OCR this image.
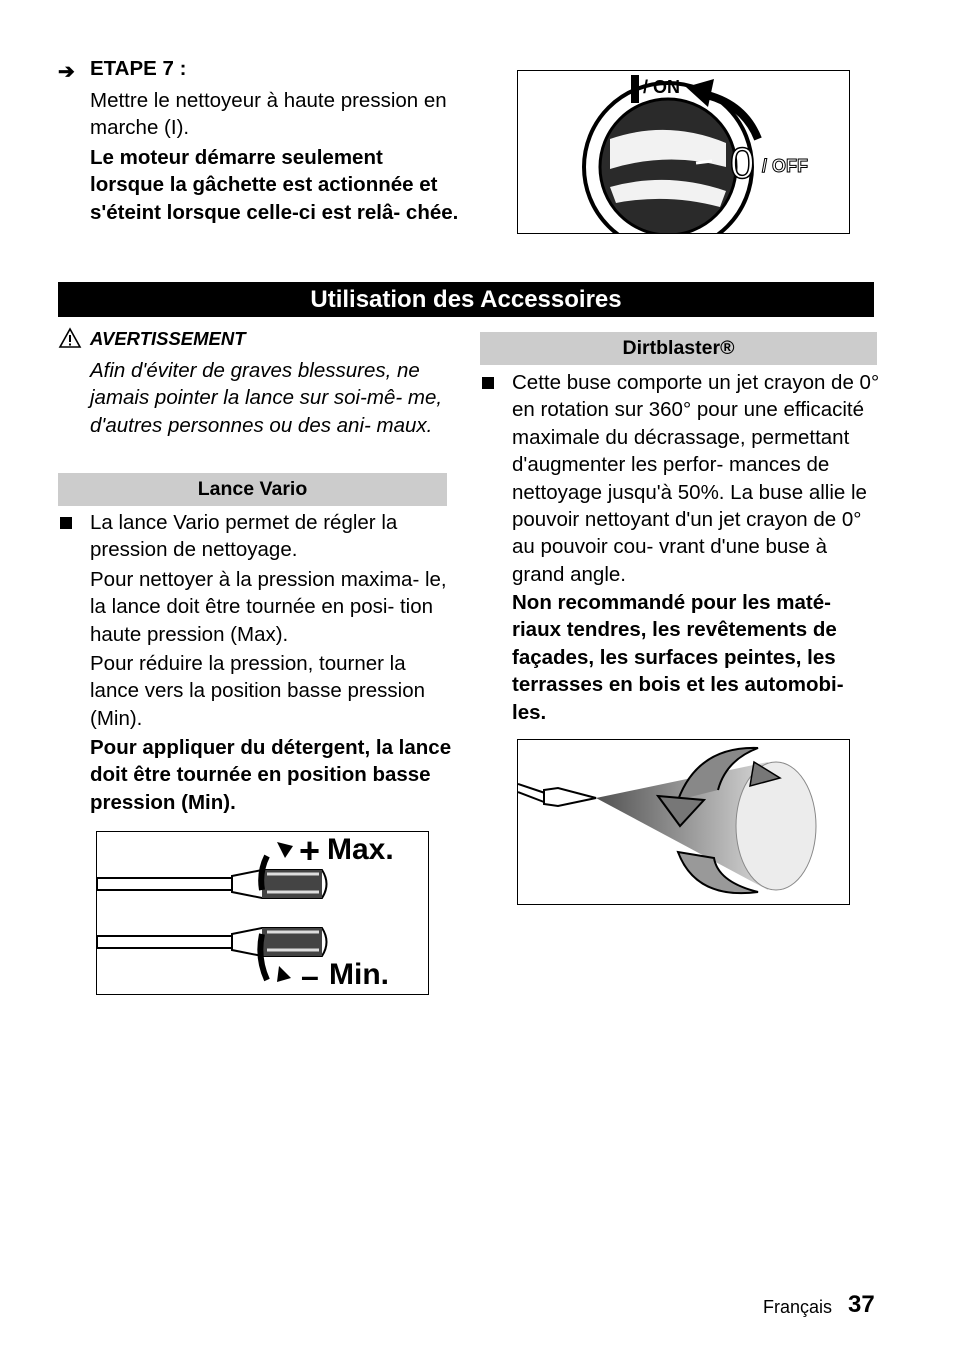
➔ ETAPE 7 :

Mettre le nettoyeur à haute pression en marche (I).

Le moteur démarre seulement lorsque la gâchette est actionnée et s'éteint lorsque celle-ci est relâ- chée.

/ ON
0 / OFF
Utilisation des Accessoires
AVERTISSEMENT

Afin d'éviter de graves blessures, ne jamais pointer la lance sur soi-mê- me, d'autres personnes ou des ani- maux.

Lance Vario

La lance Vario permet de régler la pression de nettoyage.

Pour nettoyer à la pression maxima- le, la lance doit être tournée en posi- tion haute pression (Max).

Pour réduire la pression, tourner la lance vers la position basse pression (Min).

Pour appliquer du détergent, la lance doit être tournée en position basse pression (Min).

+ Max.
– Min.
Dirtblaster®

Cette buse comporte un jet crayon de 0° en rotation sur 360° pour une efficacité maximale du décrassage, permettant d'augmenter les perfor- mances de nettoyage jusqu'à 50%. La buse allie le pouvoir nettoyant d'un jet crayon de 0° au pouvoir cou- vrant d'une buse à grand angle.

Non recommandé pour les maté- riaux tendres, les revêtements de façades, les surfaces peintes, les terrasses en bois et les automobi- les.

Français 37
